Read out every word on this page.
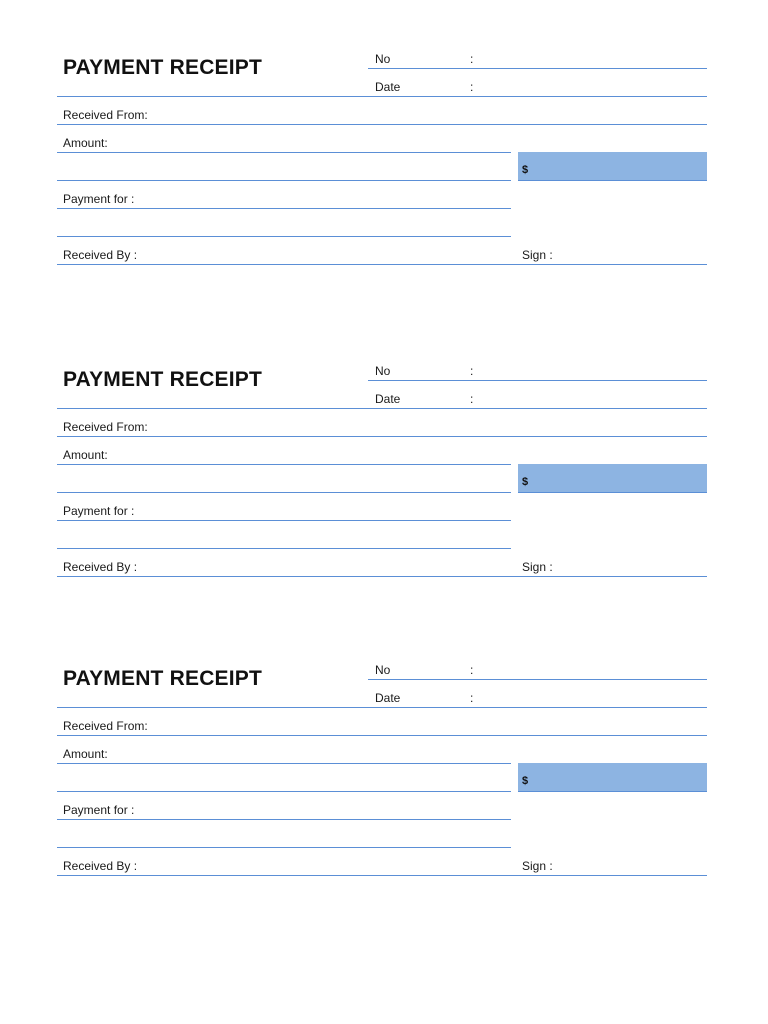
PAYMENT RECEIPT	No	:
Date	:
Received From:
Amount:
$
Payment for :
Received By :	Sign :
PAYMENT RECEIPT	No	:
Date	:
Received From:
Amount:
$
Payment for :
Received By :	Sign :
PAYMENT RECEIPT	No	:
Date	:
Received From:
Amount:
$
Payment for :
Received By :	Sign :
